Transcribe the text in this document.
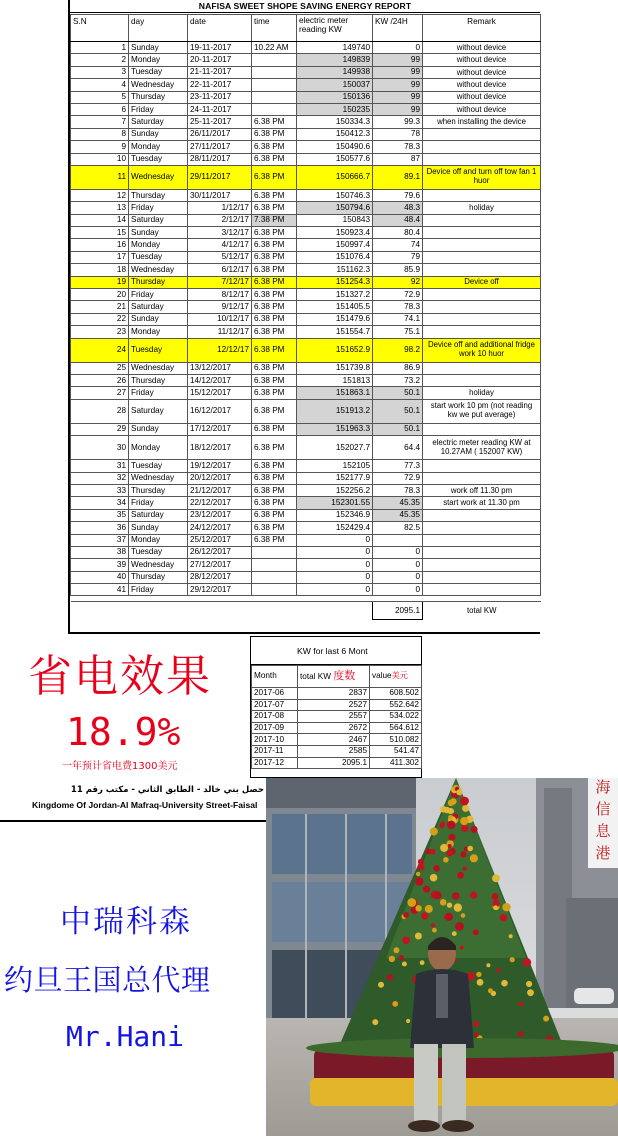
NAFISA SWEET SHOPE SAVING ENERGY REPORT
S.N	day	date	time	electric meter reading KW	KW /24H	Remark
1	Sunday	19-11-2017	10.22 AM	149740	0	without device
2	Monday	20-11-2017		149839	99	without device
3	Tuesday	21-11-2017		149938	99	without device
4	Wednesday	22-11-2017		150037	99	without device
5	Thursday	23-11-2017		150136	99	without device
6	Friday	24-11-2017		150235	99	without device
7	Saturday	25-11-2017	6.38 PM	150334.3	99.3	when installing the device
8	Sunday	26/11/2017	6.38 PM	150412.3	78	
9	Monday	27/11/2017	6.38 PM	150490.6	78.3	
10	Tuesday	28/11/2017	6.38 PM	150577.6	87	
11	Wednesday	29/11/2017	6.38 PM	150666.7	89.1	Device off and turn off tow fan 1 huor
12	Thursday	30/11/2017	6.38 PM	150746.3	79.6	
13	Friday	1/12/17	6.38 PM	150794.6	48.3	holiday
14	Saturday	2/12/17	7.38 PM	150843	48.4	
15	Sunday	3/12/17	6.38 PM	150923.4	80.4	
16	Monday	4/12/17	6.38 PM	150997.4	74	
17	Tuesday	5/12/17	6.38 PM	151076.4	79	
18	Wednesday	6/12/17	6.38 PM	151162.3	85.9	
19	Thursday	7/12/17	6.38 PM	151254.3	92	Device off
20	Friday	8/12/17	6.38 PM	151327.2	72.9	
21	Saturday	9/12/17	6.38 PM	151405.5	78.3	
22	Sunday	10/12/17	6.38 PM	151479.6	74.1	
23	Monday	11/12/17	6.38 PM	151554.7	75.1	
24	Tuesday	12/12/17	6.38 PM	151652.9	98.2	Device off and additional fridge work 10 huor
25	Wednesday	13/12/2017	6.38 PM	151739.8	86.9	
26	Thursday	14/12/2017	6.38 PM	151813	73.2	
27	Friday	15/12/2017	6.38 PM	151863.1	50.1	holiday
28	Saturday	16/12/2017	6.38 PM	151913.2	50.1	start work 10 pm (not reading kw we put average)
29	Sunday	17/12/2017	6.38 PM	151963.3	50.1	
30	Monday	18/12/2017	6.38 PM	152027.7	64.4	electric meter reading KW at 10.27AM ( 152007 KW)
31	Tuesday	19/12/2017	6.38 PM	152105	77.3	
32	Wednesday	20/12/2017	6.38 PM	152177.9	72.9	
33	Thursday	21/12/2017	6.38 PM	152256.2	78.3	work off 11.30 pm
34	Friday	22/12/2017	6.38 PM	152301.55	45.35	start work at 11.30 pm
35	Saturday	23/12/2017	6.38 PM	152346.9	45.35	
36	Sunday	24/12/2017	6.38 PM	152429.4	82.5	
37	Monday	25/12/2017	6.38 PM	0		
38	Tuesday	26/12/2017		0	0	
39	Wednesday	27/12/2017		0	0	
40	Thursday	28/12/2017		0	0	
41	Friday	29/12/2017		0	0	

					2095.1	total KW
省电效果
18.9%
一年预计省电费1300美元
KW for last 6 Mont
Month	total KW 度数	value美元
2017-06	2837	608.502
2017-07	2527	552.642
2017-08	2557	534.022
2017-09	2672	564.612
2017-10	2467	510.082
2017-11	2585	541.47
2017-12	2095.1	411.302
حصل بني خالد - الطابق الثاني - مكتب رقم 11
Kingdome Of Jordan-Al Mafraq-University Street-Faisal
中瑞科森
约旦王国总代理
Mr.Hani
海
信
息
港
